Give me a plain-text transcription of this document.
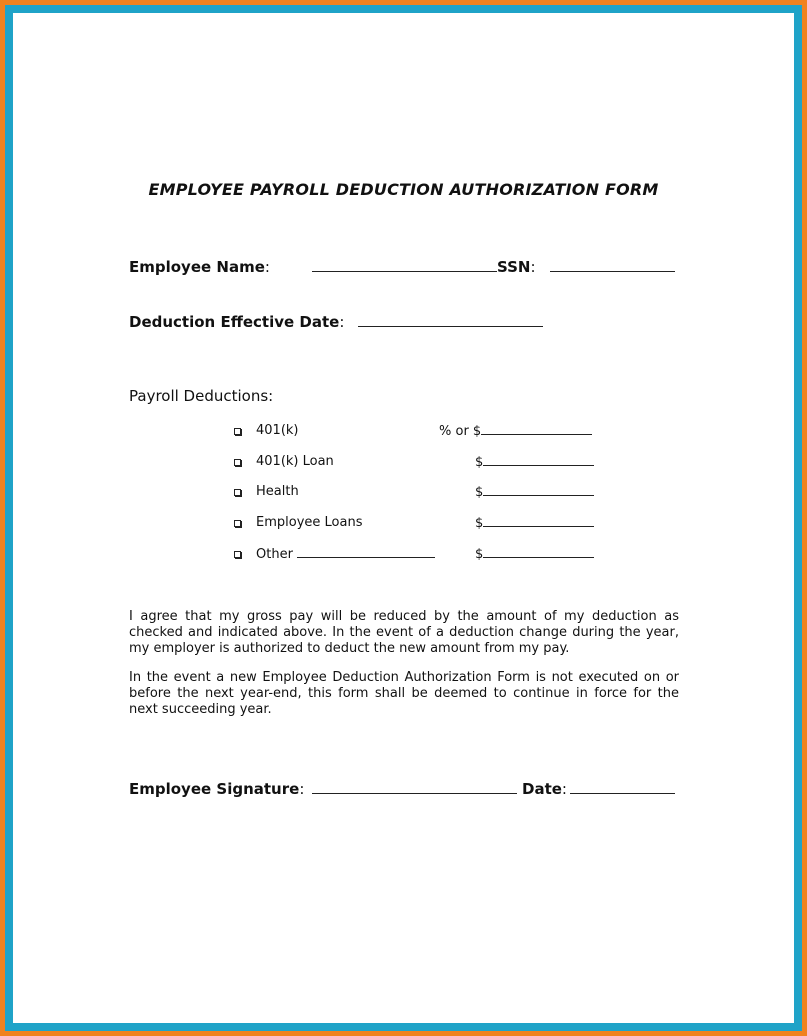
EMPLOYEE PAYROLL DEDUCTION AUTHORIZATION FORM
Employee Name:	SSN:
Deduction Effective Date:
Payroll Deductions:
401(k)	% or $
401(k) Loan	$
Health	$
Employee Loans	$
Other	$
I agree that my gross pay will be reduced by the amount of my deduction as checked and indicated above. In the event of a deduction change during the year, my employer is authorized to deduct the new amount from my pay.
In the event a new Employee Deduction Authorization Form is not executed on or before the next year-end, this form shall be deemed to continue in force for the next succeeding year.
Employee Signature:	Date:
